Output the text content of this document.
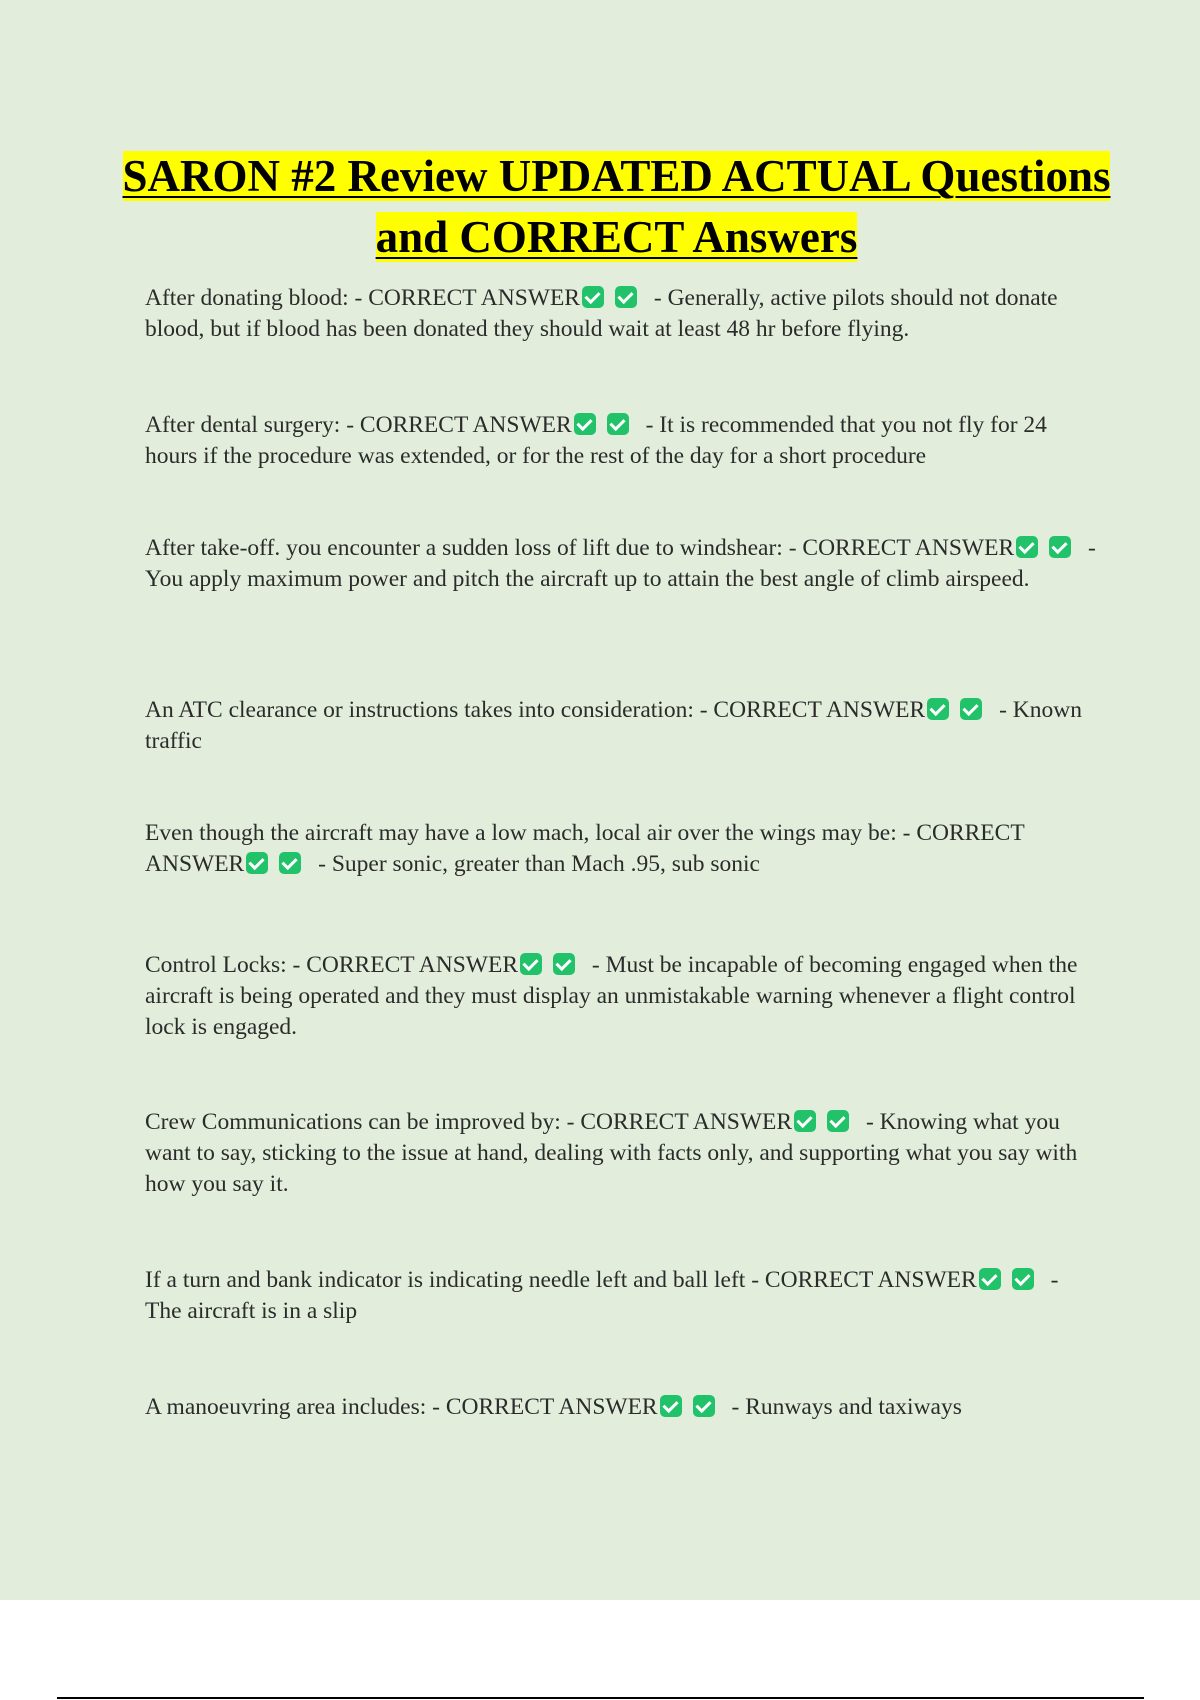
SARON #2 Review UPDATED ACTUAL Questions and CORRECT Answers
After donating blood: - CORRECT ANSWER	- Generally, active pilots should not donate blood, but if blood has been donated they should wait at least 48 hr before flying.
After dental surgery: - CORRECT ANSWER	- It is recommended that you not fly for 24 hours if the procedure was extended, or for the rest of the day for a short procedure
After take-off. you encounter a sudden loss of lift due to windshear: - CORRECT ANSWER	- You apply maximum power and pitch the aircraft up to attain the best angle of climb airspeed.
An ATC clearance or instructions takes into consideration: - CORRECT ANSWER	- Known traffic
Even though the aircraft may have a low mach, local air over the wings may be: - CORRECT ANSWER	- Super sonic, greater than Mach .95, sub sonic
Control Locks: - CORRECT ANSWER	- Must be incapable of becoming engaged when the aircraft is being operated and they must display an unmistakable warning whenever a flight control lock is engaged.
Crew Communications can be improved by: - CORRECT ANSWER	- Knowing what you want to say, sticking to the issue at hand, dealing with facts only, and supporting what you say with how you say it.
If a turn and bank indicator is indicating needle left and ball left - CORRECT ANSWER	- The aircraft is in a slip
A manoeuvring area includes: - CORRECT ANSWER	- Runways and taxiways
